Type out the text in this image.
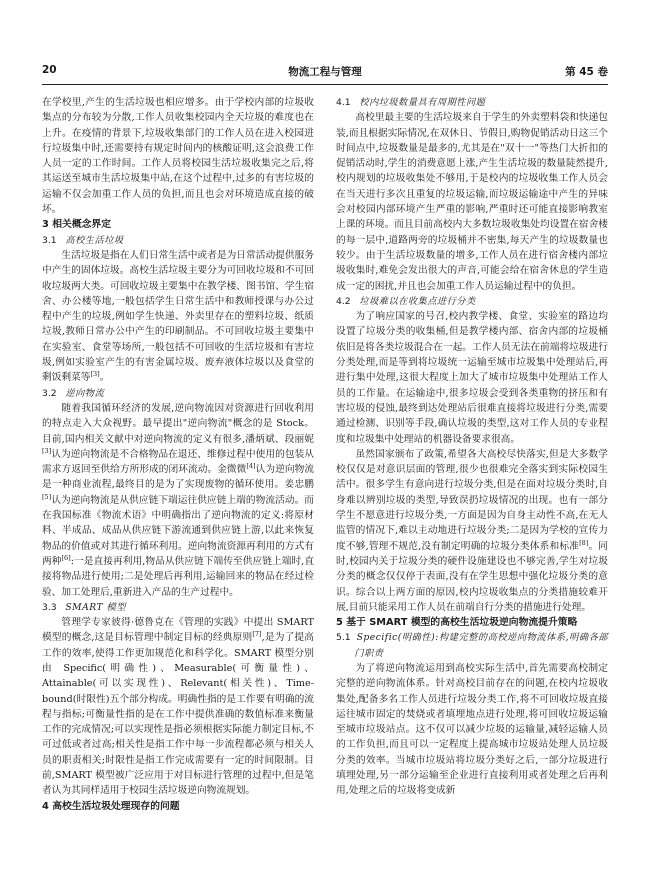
20	物流工程与管理	第 45 卷

在学校里,产生的生活垃圾也相应增多。由于学校内部的垃圾收集点的分布较为分散,工作人员收集校园内全天垃圾的难度也在上升。在疫情的背景下,垃圾收集部门的工作人员在进入校园进行垃圾集中时,还需要持有规定时间内的核酸证明,这会浪费工作人员一定的工作时间。工作人员将校园生活垃圾收集完之后,将其运送至城市生活垃圾集中站,在这个过程中,过多的有害垃圾的运输不仅会加重工作人员的负担,而且也会对环境造成直接的破坏。

3 相关概念界定
3.1 高校生活垃圾

生活垃圾是指在人们日常生活中或者是为日常活动提供服务中产生的固体垃圾。高校生活垃圾主要分为可回收垃圾和不可回收垃圾两大类。可回收垃圾主要集中在教学楼、图书馆、学生宿舍、办公楼等地,一般包括学生日常生活中和教师授课与办公过程中产生的垃圾,例如学生快递、外卖里存在的塑料垃圾、纸质垃圾,教师日常办公中产生的印刷制品。不可回收垃圾主要集中在实验室、食堂等场所,一般包括不可回收的生活垃圾和有害垃圾,例如实验室产生的有害金属垃圾、废弃液体垃圾以及食堂的剩饭剩菜等[3]。

3.2 逆向物流

随着我国循环经济的发展,逆向物流因对资源进行回收利用的特点走入大众视野。最早提出"逆向物流"概念的是 Stock。目前,国内相关文献中对逆向物流的定义有很多,潘炳斌、段丽妮[3]认为逆向物流是不合格物品在退还、维修过程中使用的包装从需求方返回至供给方所形成的闭环流动。金微微[4]认为逆向物流是一种商业流程,最终目的是为了实现废物的循环使用。姜忠鹏[5]认为逆向物流是从供应链下端运往供应链上端的物流活动。而在我国标准《物流术语》中明确指出了逆向物流的定义:将原材料、半成品、成品从供应链下游流通到供应链上游,以此来恢复物品的价值或对其进行循环利用。逆向物流资源再利用的方式有两种[6]:一是直接再利用,物品从供应链下端传至供应链上端时,直接将物品进行使用;二是处理后再利用,运输回来的物品在经过检验、加工处理后,重新进入产品的生产过程中。

3.3 SMART 模型

管理学专家彼得·德鲁克在《管理的实践》中提出 SMART 模型的概念,这是目标管理中制定目标的经典原则[7],是为了提高工作的效率,使得工作更加规范化和科学化。SMART 模型分别由 Specific(明确性)、Measurable(可衡量性)、Attainable(可以实现性)、Relevant(相关性)、Time-bound(时限性)五个部分构成。明确性指的是工作要有明确的流程与指标;可衡量性指的是在工作中提供准确的数值标准来衡量工作的完成情况;可以实现性是指必须根据实际能力制定目标,不可过低或者过高;相关性是指工作中每一步流程都必须与相关人员的职责相关;时限性是指工作完成需要有一定的时间限制。目前,SMART 模型被广泛应用于对目标进行管理的过程中,但是笔者认为其同样适用于校园生活垃圾逆向物流规划。

4 高校生活垃圾处理现存的问题
4.1 校内垃圾数量具有周期性问题

高校里最主要的生活垃圾来自于学生的外卖塑料袋和快递包装,而且根据实际情况,在双休日、节假日,购物促销活动日这三个时间点中,垃圾数量是最多的,尤其是在"双十一"等热门大折扣的促销活动时,学生的消费意愿上涨,产生生活垃圾的数量陡然提升,校内规划的垃圾收集处不够用,于是校内的垃圾收集工作人员会在当天进行多次且重复的垃圾运输,而垃圾运输途中产生的异味会对校园内部环境产生严重的影响,严重时还可能直接影响教室上课的环境。而且目前高校内大多数垃圾收集处均设置在宿舍楼的每一层中,道路两旁的垃圾桶并不密集,每天产生的垃圾数量也较少。由于生活垃圾数量的增多,工作人员在进行宿舍楼内部垃圾收集时,难免会发出很大的声音,可能会给在宿舍休息的学生造成一定的困扰,并且也会加重工作人员运输过程中的负担。

4.2 垃圾难以在收集点进行分类

为了响应国家的号召,校内教学楼、食堂、实验室的路边均设置了垃圾分类的收集桶,但是教学楼内部、宿舍内部的垃圾桶依旧是将各类垃圾混合在一起。工作人员无法在前端将垃圾进行分类处理,而是等到将垃圾统一运输至城市垃圾集中处理站后,再进行集中处理,这很大程度上加大了城市垃圾集中处理站工作人员的工作量。在运输途中,很多垃圾会受到各类重物的挤压和有害垃圾的侵蚀,最终到达处理站后很难直接将垃圾进行分类,需要通过检测、识别等手段,确认垃圾的类型,这对工作人员的专业程度和垃圾集中处理站的机器设备要求很高。

虽然国家颁布了政策,希望各大高校尽快落实,但是大多数学校仅仅是对意识层面的管理,很少也很难完全落实到实际校园生活中。很多学生有意向进行垃圾分类,但是在面对垃圾分类时,自身难以辨别垃圾的类型,导致误扔垃圾情况的出现。也有一部分学生不愿意进行垃圾分类,一方面是因为自身主动性不高,在无人监管的情况下,难以主动地进行垃圾分类;二是因为学校的宣传力度不够,管理不规范,没有制定明确的垃圾分类体系和标准[8]。同时,校园内关于垃圾分类的硬件设施建设也不够完善,学生对垃圾分类的概念仅仅停于表面,没有在学生思想中强化垃圾分类的意识。综合以上两方面的原因,校内垃圾收集点的分类措施较难开展,目前只能采用工作人员在前端自行分类的措施进行处理。

5 基于 SMART 模型的高校生活垃圾逆向物流提升策略
5.1 Specific(明确性):构建完整的高校逆向物流体系,明确各部门职责

为了将逆向物流运用到高校实际生活中,首先需要高校制定完整的逆向物流体系。针对高校目前存在的问题,在校内垃圾收集处,配备多名工作人员进行垃圾分类工作,将不可回收垃圾直接运往城市固定的焚烧或者填埋地点进行处理,将可回收垃圾运输至城市垃圾站点。这不仅可以减少垃圾的运输量,减轻运输人员的工作负担,而且可以一定程度上提高城市垃圾站处理人员垃圾分类的效率。当城市垃圾站将垃圾分类好之后,一部分垃圾进行填埋处理,另一部分运输至企业进行直接利用或者处理之后再利用,处理之后的垃圾将变成新
